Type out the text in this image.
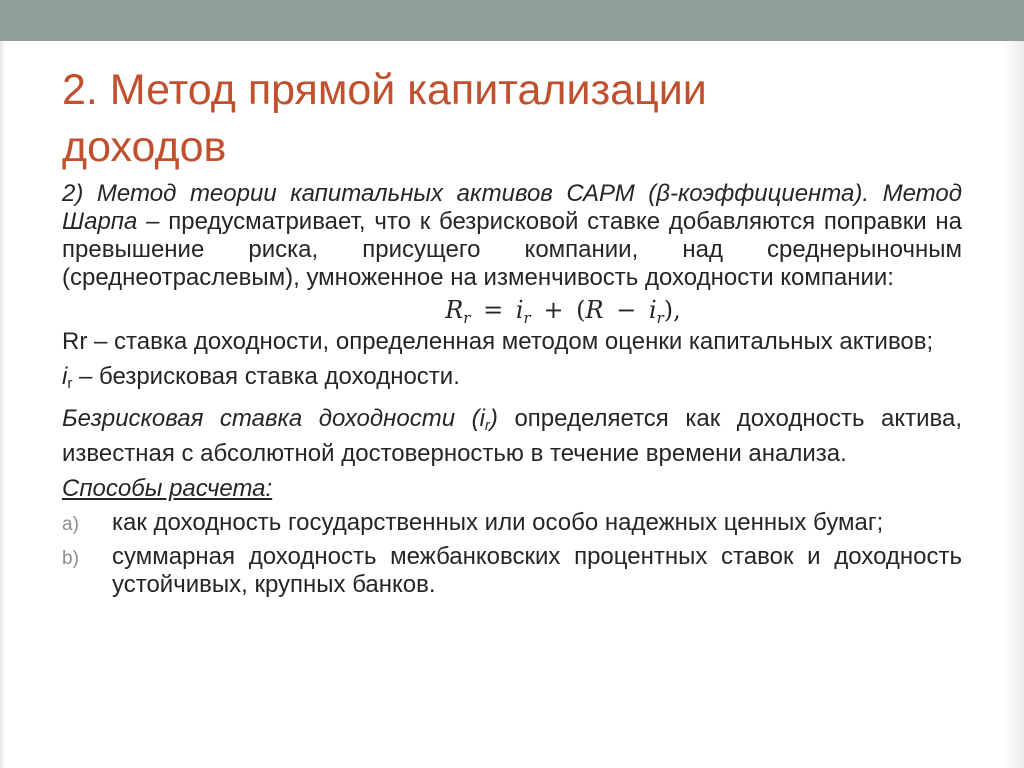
2. Метод прямой капитализации
доходов

2) Метод теории капитальных активов САРМ (β-коэффициента). Метод Шарпа – предусматривает, что к безрисковой ставке добавляются поправки на превышение риска, присущего компании, над среднерыночным (среднеотраслевым), умноженное на изменчивость доходности компании:

$R_r = i_r + (R - i_r)$,

Rr – ставка доходности, определенная методом оценки капитальных активов;

ir – безрисковая ставка доходности.

Безрисковая ставка доходности (ir) определяется как доходность актива, известная с абсолютной достоверностью в течение времени анализа.

Способы расчета:

a) как доходность государственных или особо надежных ценных бумаг;
b) суммарная доходность межбанковских процентных ставок и доходность устойчивых, крупных банков.
